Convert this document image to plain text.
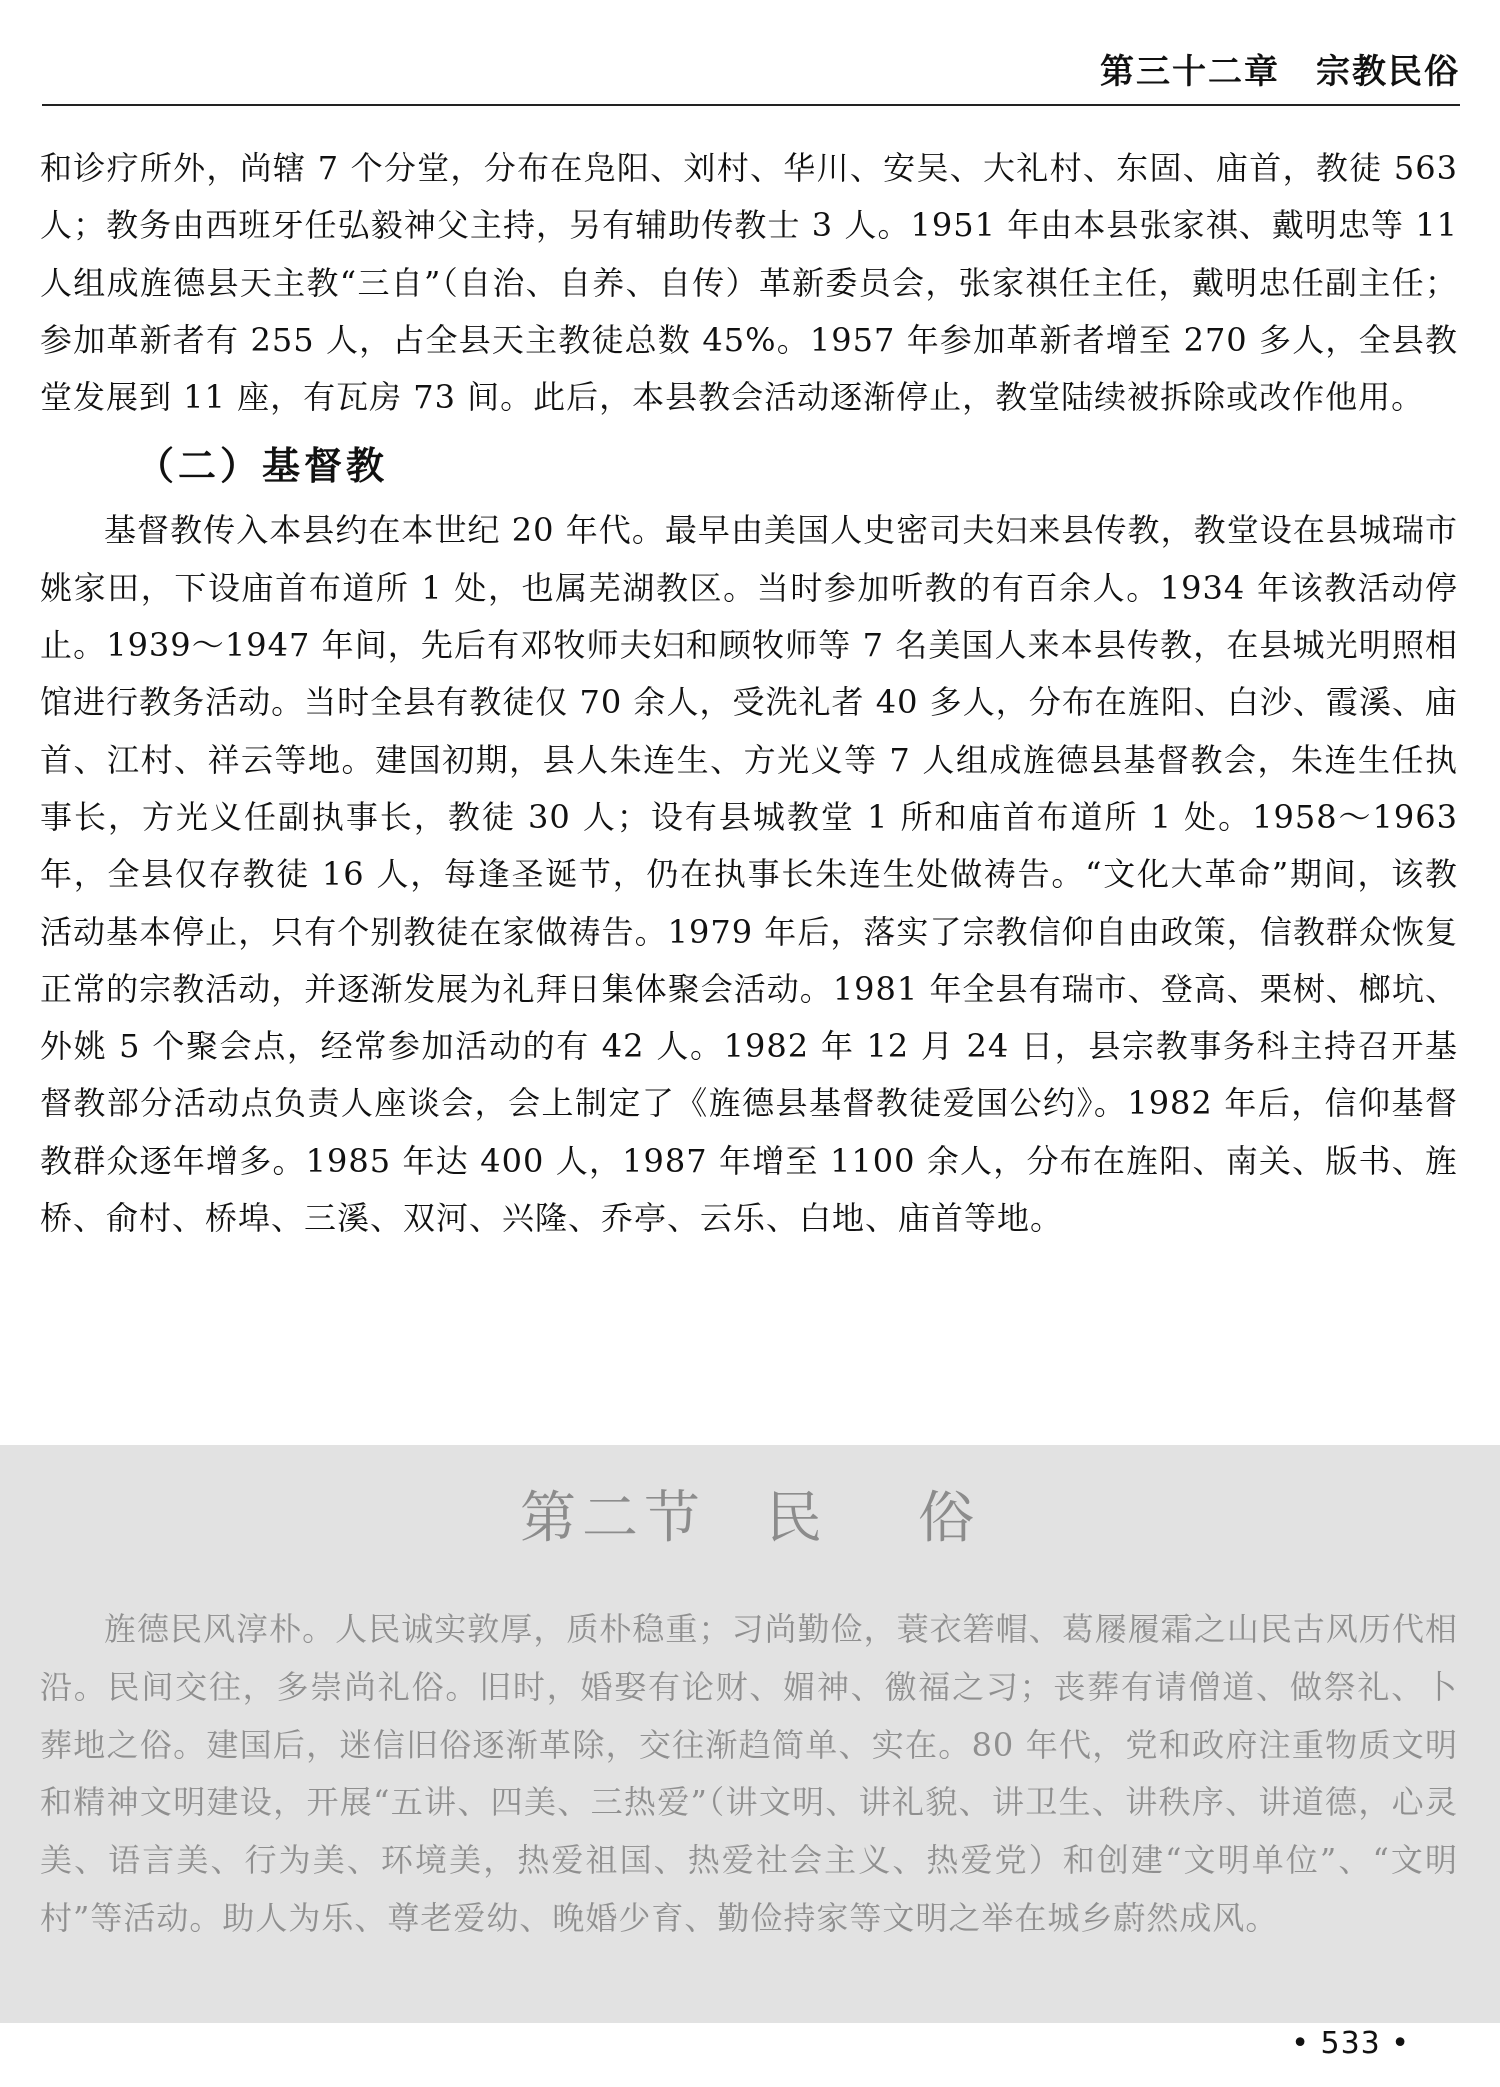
第三十二章 宗教民俗

和诊疗所外，尚辖 7 个分堂，分布在凫阳、刘村、华川、安吴、大礼村、东固、庙首，教徒 563 人；教务由西班牙任弘毅神父主持，另有辅助传教士 3 人。1951 年由本县张家祺、戴明忠等 11 人组成旌德县天主教“三自”（自治、自养、自传）革新委员会，张家祺任主任，戴明忠任副主任；参加革新者有 255 人，占全县天主教徒总数 45%。1957 年参加革新者增至 270 多人，全县教堂发展到 11 座，有瓦房 73 间。此后，本县教会活动逐渐停止，教堂陆续被拆除或改作他用。

（二）基督教

基督教传入本县约在本世纪 20 年代。最早由美国人史密司夫妇来县传教，教堂设在县城瑞市姚家田，下设庙首布道所 1 处，也属芜湖教区。当时参加听教的有百余人。1934 年该教活动停止。1939～1947 年间，先后有邓牧师夫妇和顾牧师等 7 名美国人来本县传教，在县城光明照相馆进行教务活动。当时全县有教徒仅 70 余人，受洗礼者 40 多人，分布在旌阳、白沙、霞溪、庙首、江村、祥云等地。建国初期，县人朱连生、方光义等 7 人组成旌德县基督教会，朱连生任执事长，方光义任副执事长，教徒 30 人；设有县城教堂 1 所和庙首布道所 1 处。1958～1963 年，全县仅存教徒 16 人，每逢圣诞节，仍在执事长朱连生处做祷告。“文化大革命”期间，该教活动基本停止，只有个别教徒在家做祷告。1979 年后，落实了宗教信仰自由政策，信教群众恢复正常的宗教活动，并逐渐发展为礼拜日集体聚会活动。1981 年全县有瑞市、登高、栗树、榔坑、外姚 5 个聚会点，经常参加活动的有 42 人。1982 年 12 月 24 日，县宗教事务科主持召开基督教部分活动点负责人座谈会，会上制定了《旌德县基督教徒爱国公约》。1982 年后，信仰基督教群众逐年增多。1985 年达 400 人，1987 年增至 1100 余人，分布在旌阳、南关、版书、旌桥、俞村、桥埠、三溪、双河、兴隆、乔亭、云乐、白地、庙首等地。

第二节 民 俗

旌德民风淳朴。人民诚实敦厚，质朴稳重；习尚勤俭，蓑衣箬帽、葛屦履霜之山民古风历代相沿。民间交往，多崇尚礼俗。旧时，婚娶有论财、媚神、徼福之习；丧葬有请僧道、做祭礼、卜葬地之俗。建国后，迷信旧俗逐渐革除，交往渐趋简单、实在。80 年代，党和政府注重物质文明和精神文明建设，开展“五讲、四美、三热爱”（讲文明、讲礼貌、讲卫生、讲秩序、讲道德，心灵美、语言美、行为美、环境美，热爱祖国、热爱社会主义、热爱党）和创建“文明单位”、“文明村”等活动。助人为乐、尊老爱幼、晚婚少育、勤俭持家等文明之举在城乡蔚然成风。

• 533 •
